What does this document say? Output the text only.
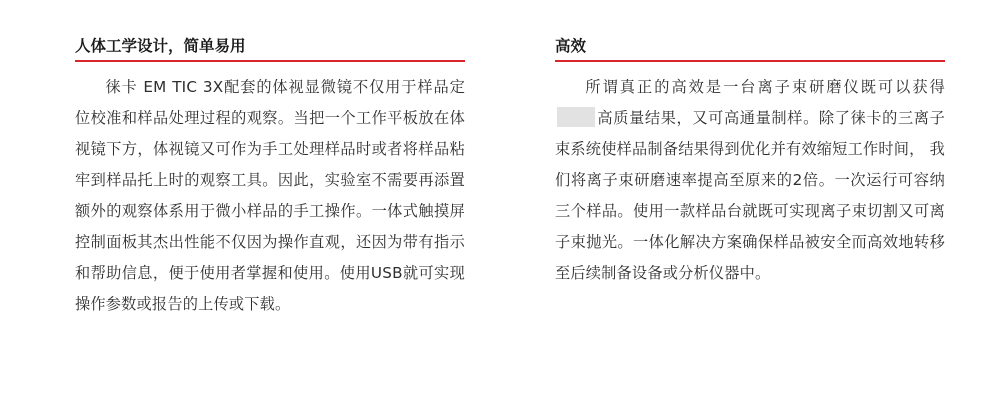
人体工学设计，简单易用

徕卡 EM TIC 3X配套的体视显微镜不仅用于样品定位校准和样品处理过程的观察。当把一个工作平板放在体视镜下方，体视镜又可作为手工处理样品时或者将样品粘牢到样品托上时的观察工具。因此，实验室不需要再添置额外的观察体系用于微小样品的手工操作。一体式触摸屏控制面板其杰出性能不仅因为操作直观，还因为带有指示和帮助信息，便于使用者掌握和使用。使用USB就可实现操作参数或报告的上传或下载。

高效

所谓真正的高效是一台离子束研磨仪既可以获得高质量结果，又可高通量制样。除了徕卡的三离子束系统使样品制备结果得到优化并有效缩短工作时间， 我们将离子束研磨速率提高至原来的2倍。一次运行可容纳三个样品。使用一款样品台就既可实现离子束切割又可离子束抛光。一体化解决方案确保样品被安全而高效地转移至后续制备设备或分析仪器中。
